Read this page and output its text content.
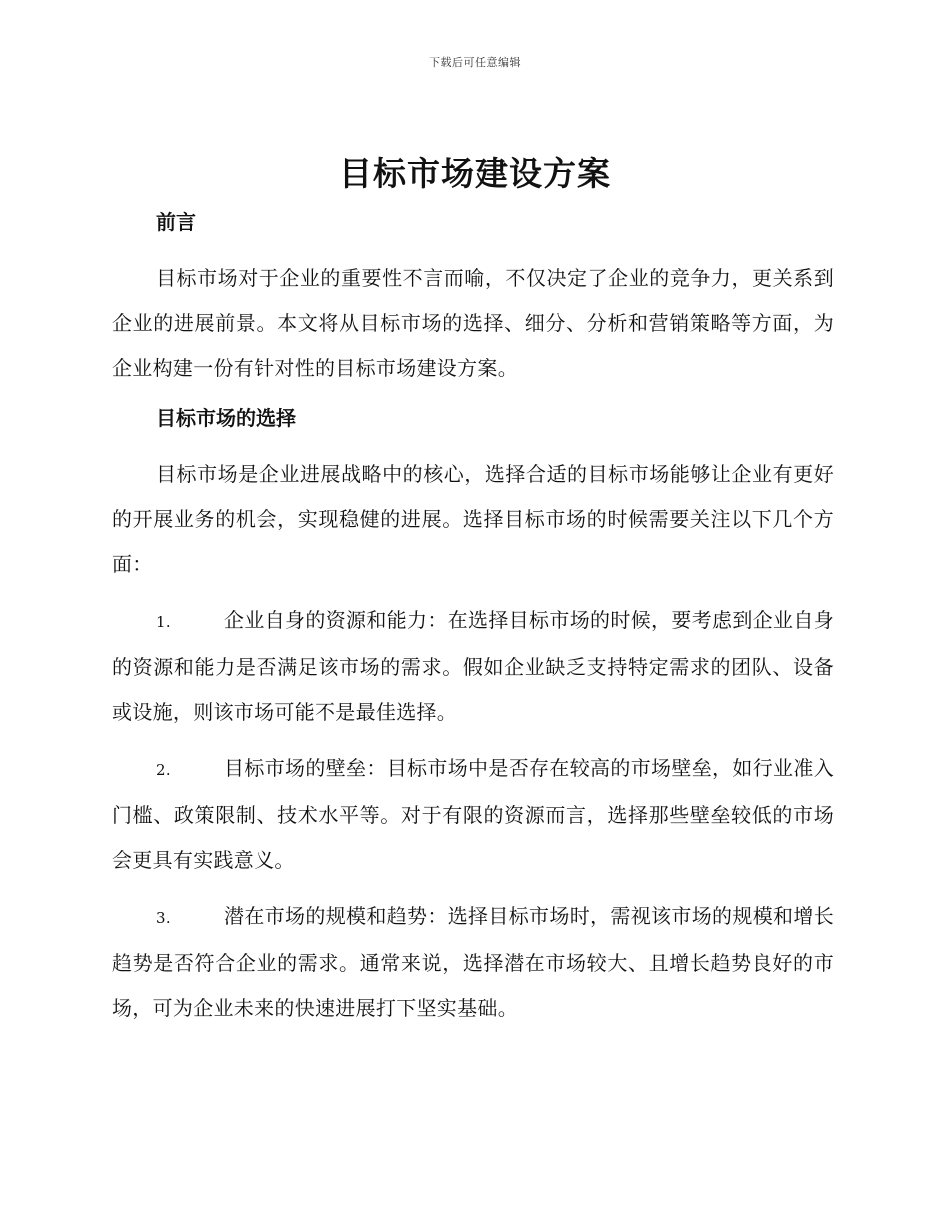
下载后可任意编辑
目标市场建设方案
前言

目标市场对于企业的重要性不言而喻，不仅决定了企业的竞争力，更关系到企业的进展前景。本文将从目标市场的选择、细分、分析和营销策略等方面，为企业构建一份有针对性的目标市场建设方案。

目标市场的选择

目标市场是企业进展战略中的核心，选择合适的目标市场能够让企业有更好的开展业务的机会，实现稳健的进展。选择目标市场的时候需要关注以下几个方面：

1.	企业自身的资源和能力：在选择目标市场的时候，要考虑到企业自身的资源和能力是否满足该市场的需求。假如企业缺乏支持特定需求的团队、设备或设施，则该市场可能不是最佳选择。

2.	目标市场的壁垒：目标市场中是否存在较高的市场壁垒，如行业准入门槛、政策限制、技术水平等。对于有限的资源而言，选择那些壁垒较低的市场会更具有实践意义。

3.	潜在市场的规模和趋势：选择目标市场时，需视该市场的规模和增长趋势是否符合企业的需求。通常来说，选择潜在市场较大、且增长趋势良好的市场，可为企业未来的快速进展打下坚实基础。
